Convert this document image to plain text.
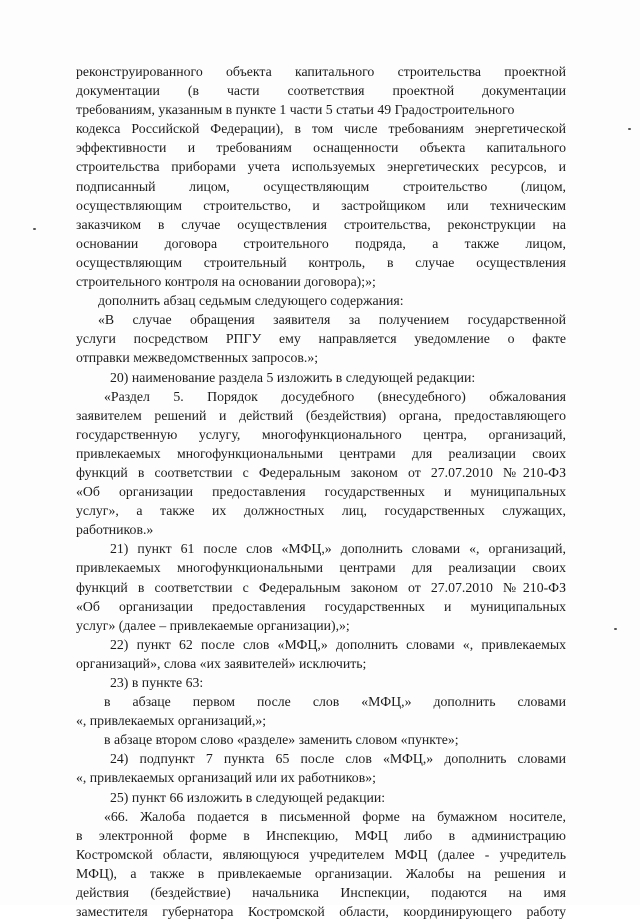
реконструированного объекта капитального строительства проектной
документации (в части соответствия проектной документации
требованиям, указанным в пункте 1 части 5 статьи 49 Градостроительного
кодекса Российской Федерации), в том числе требованиям энергетической
эффективности и требованиям оснащенности объекта капитального
строительства приборами учета используемых энергетических ресурсов, и
подписанный лицом, осуществляющим строительство (лицом,
осуществляющим строительство, и застройщиком или техническим
заказчиком в случае осуществления строительства, реконструкции на
основании договора строительного подряда, а также лицом,
осуществляющим строительный контроль, в случае осуществления
строительного контроля на основании договора);»;
дополнить абзац седьмым следующего содержания:
«В случае обращения заявителя за получением государственной
услуги посредством РПГУ ему направляется уведомление о факте
отправки межведомственных запросов.»;
20) наименование раздела 5 изложить в следующей редакции:
«Раздел 5. Порядок досудебного (внесудебного) обжалования
заявителем решений и действий (бездействия) органа, предоставляющего
государственную услугу, многофункционального центра, организаций,
привлекаемых многофункциональными центрами для реализации своих
функций в соответствии с Федеральным законом от 27.07.2010 №210-ФЗ
«Об организации предоставления государственных и муниципальных
услуг», а также их должностных лиц, государственных служащих,
работников.»
21) пункт 61 после слов «МФЦ,» дополнить словами «, организаций,
привлекаемых многофункциональными центрами для реализации своих
функций в соответствии с Федеральным законом от 27.07.2010 №210-ФЗ
«Об организации предоставления государственных и муниципальных
услуг» (далее – привлекаемые организации),»;
22) пункт 62 после слов «МФЦ,» дополнить словами «, привлекаемых
организаций», слова «их заявителей» исключить;
23) в пункте 63:
в абзаце первом после слов «МФЦ,» дополнить словами
«, привлекаемых организаций,»;
в абзаце втором слово «разделе» заменить словом «пункте»;
24) подпункт 7 пункта 65 после слов «МФЦ,» дополнить словами
«, привлекаемых организаций или их работников»;
25) пункт 66 изложить в следующей редакции:
«66. Жалоба подается в письменной форме на бумажном носителе,
в электронной форме в Инспекцию, МФЦ либо в администрацию
Костромской области, являющуюся учредителем МФЦ (далее - учредитель
МФЦ), а также в привлекаемые организации. Жалобы на решения и
действия (бездействие) начальника Инспекции, подаются на имя
заместителя губернатора Костромской области, координирующего работу
